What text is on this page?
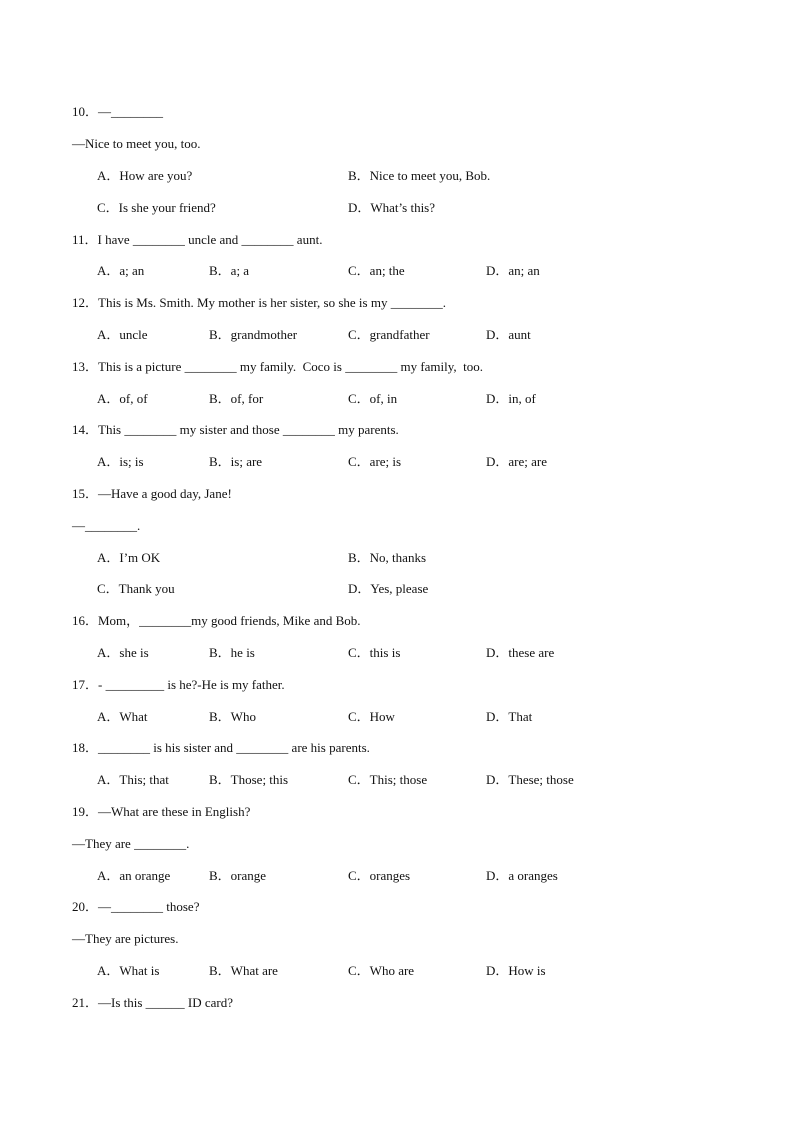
10．—________
—Nice to meet you, too.
A．How are you?	B．Nice to meet you, Bob.
C．Is she your friend?	D．What’s this?
11．I have ________ uncle and ________ aunt.
A．a; an	B．a; a	C．an; the	D．an; an
12．This is Ms. Smith. My mother is her sister, so she is my ________.
A．uncle	B．grandmother	C．grandfather	D．aunt
13．This is a picture ________ my family.  Coco is ________ my family,  too.
A．of, of	B．of, for	C．of, in	D．in, of
14．This ________ my sister and those ________ my parents.
A．is; is	B．is; are	C．are; is	D．are; are
15．—Have a good day, Jane!
—________.
A．I’m OK	B．No, thanks
C．Thank you	D．Yes, please
16．Mom，________my good friends, Mike and Bob.
A．she is	B．he is	C．this is	D．these are
17．- _________ is he?-He is my father.
A．What	B．Who	C．How	D．That
18．________ is his sister and ________ are his parents.
A．This; that	B．Those; this	C．This; those	D．These; those
19．—What are these in English?
—They are ________.
A．an orange	B．orange	C．oranges	D．a oranges
20．—________ those?
—They are pictures.
A．What is	B．What are	C．Who are	D．How is
21．—Is this ______ ID card?
